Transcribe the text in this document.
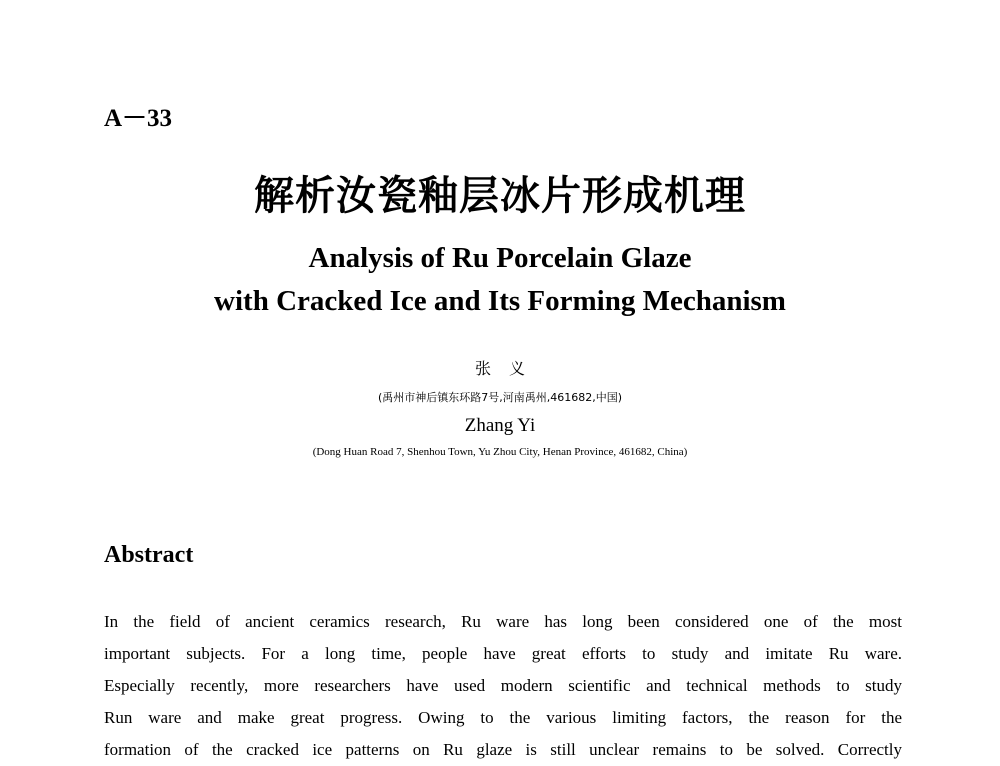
A－33
解析汝瓷釉层冰片形成机理
Analysis of Ru Porcelain Glaze
with Cracked Ice and Its Forming Mechanism
张义
(禹州市神后镇东环路7号,河南禹州,461682,中国)
Zhang Yi
(Dong Huan Road 7, Shenhou Town, Yu Zhou City, Henan Province, 461682, China)
Abstract
In the field of ancient ceramics research, Ru ware has long been considered one of the most
important subjects. For a long time, people have great efforts to study and imitate Ru ware.
Especially recently, more researchers have used modern scientific and technical methods to study
Run ware and make great progress. Owing to the various limiting factors, the reason for the
formation of the cracked ice patterns on Ru glaze is still unclear remains to be solved. Correctly
